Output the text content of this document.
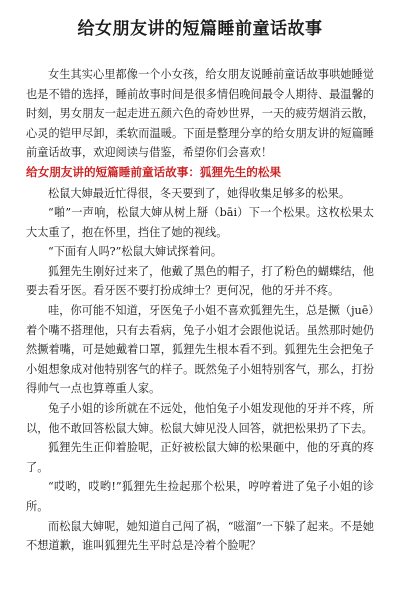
给女朋友讲的短篇睡前童话故事

女生其实心里都像一个小女孩，给女朋友说睡前童话故事哄她睡觉也是不错的选择，睡前故事时间是很多情侣晚间最令人期待、最温馨的时刻，男女朋友一起走进五颜六色的奇妙世界，一天的疲劳烟消云散，心灵的铠甲尽卸，柔软而温暖。下面是整理分享的给女朋友讲的短篇睡前童话故事，欢迎阅读与借鉴，希望你们会喜欢！

给女朋友讲的短篇睡前童话故事：狐狸先生的松果

松鼠大婶最近忙得很，冬天要到了，她得收集足够多的松果。

“啪”一声响，松鼠大婶从树上掰（bāi）下一个松果。这枚松果太大太重了，抱在怀里，挡住了她的视线。

“下面有人吗?”松鼠大婶试探着问。

狐狸先生刚好过来了，他戴了黑色的帽子，打了粉色的蝴蝶结，他要去看牙医。看牙医不要打扮成绅士？更何况，他的牙并不疼。

哇，你可能不知道，牙医兔子小姐不喜欢狐狸先生，总是撅（juē）着个嘴不搭理他，只有去看病，兔子小姐才会跟他说话。虽然那时她仍然撅着嘴，可是她戴着口罩，狐狸先生根本看不到。狐狸先生会把兔子小姐想象成对他特别客气的样子。既然兔子小姐特别客气，那么，打扮得帅气一点也算尊重人家。

兔子小姐的诊所就在不远处，他怕兔子小姐发现他的牙并不疼，所以，他不敢回答松鼠大婶。松鼠大婶见没人回答，就把松果扔了下去。

狐狸先生正仰着脸呢，正好被松鼠大婶的松果砸中，他的牙真的疼了。

“哎哟，哎哟!”狐狸先生捡起那个松果，哼哼着进了兔子小姐的诊所。

而松鼠大婶呢，她知道自己闯了祸，“嗞溜”一下躲了起来。不是她不想道歉，谁叫狐狸先生平时总是冷着个脸呢？
